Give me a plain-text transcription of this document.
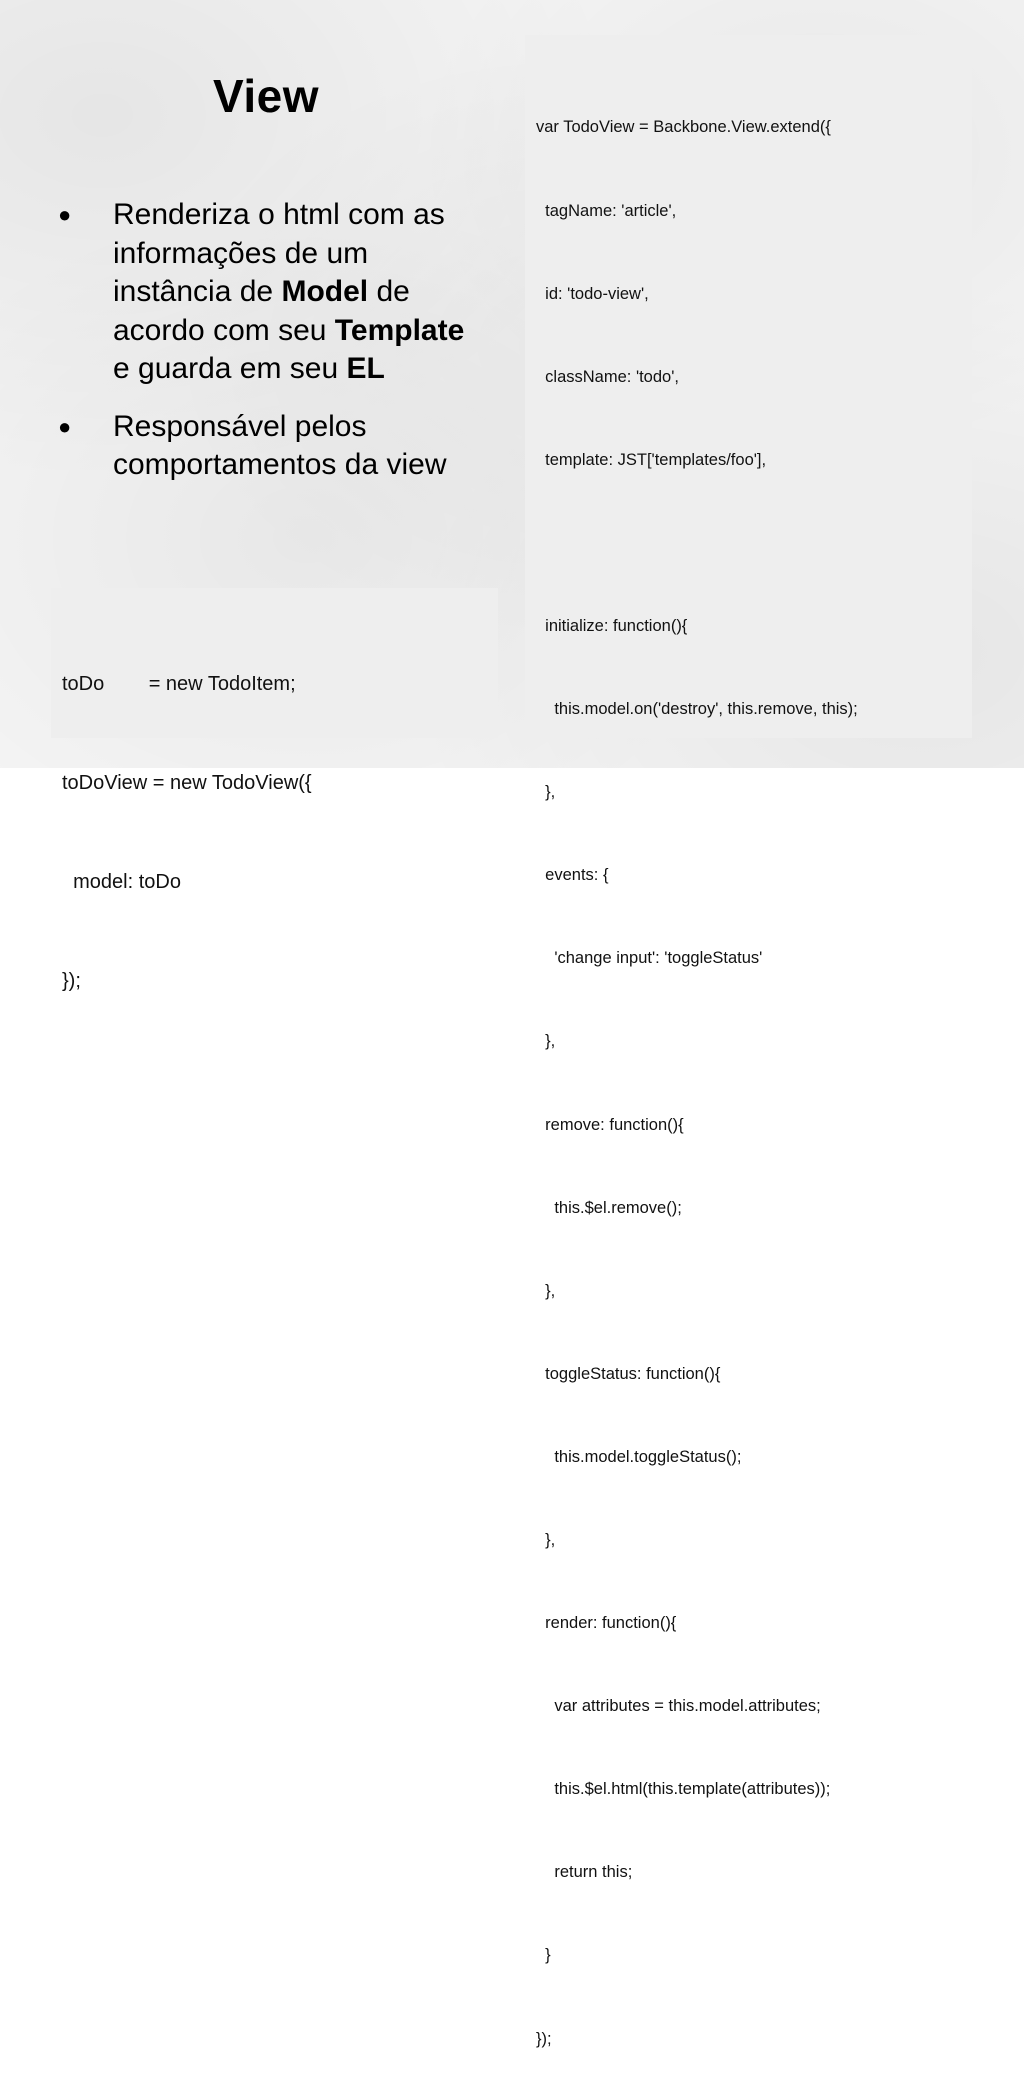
View
● Renderiza o html com as informações de um instância de Model de acordo com seu Template e guarda em seu EL
● Responsável pelos comportamentos da view

toDo        = new TodoItem;

toDoView = new TodoView({

model: toDo

});

var TodoView = Backbone.View.extend({

tagName: 'article',

id: 'todo-view',

className: 'todo',

template: JST['templates/foo'],

initialize: function(){

this.model.on('destroy', this.remove, this);

},

events: {

'change input': 'toggleStatus'

},

remove: function(){

this.$el.remove();

},

toggleStatus: function(){

this.model.toggleStatus();

},

render: function(){

var attributes = this.model.attributes;

this.$el.html(this.template(attributes));

return this;

}

});
